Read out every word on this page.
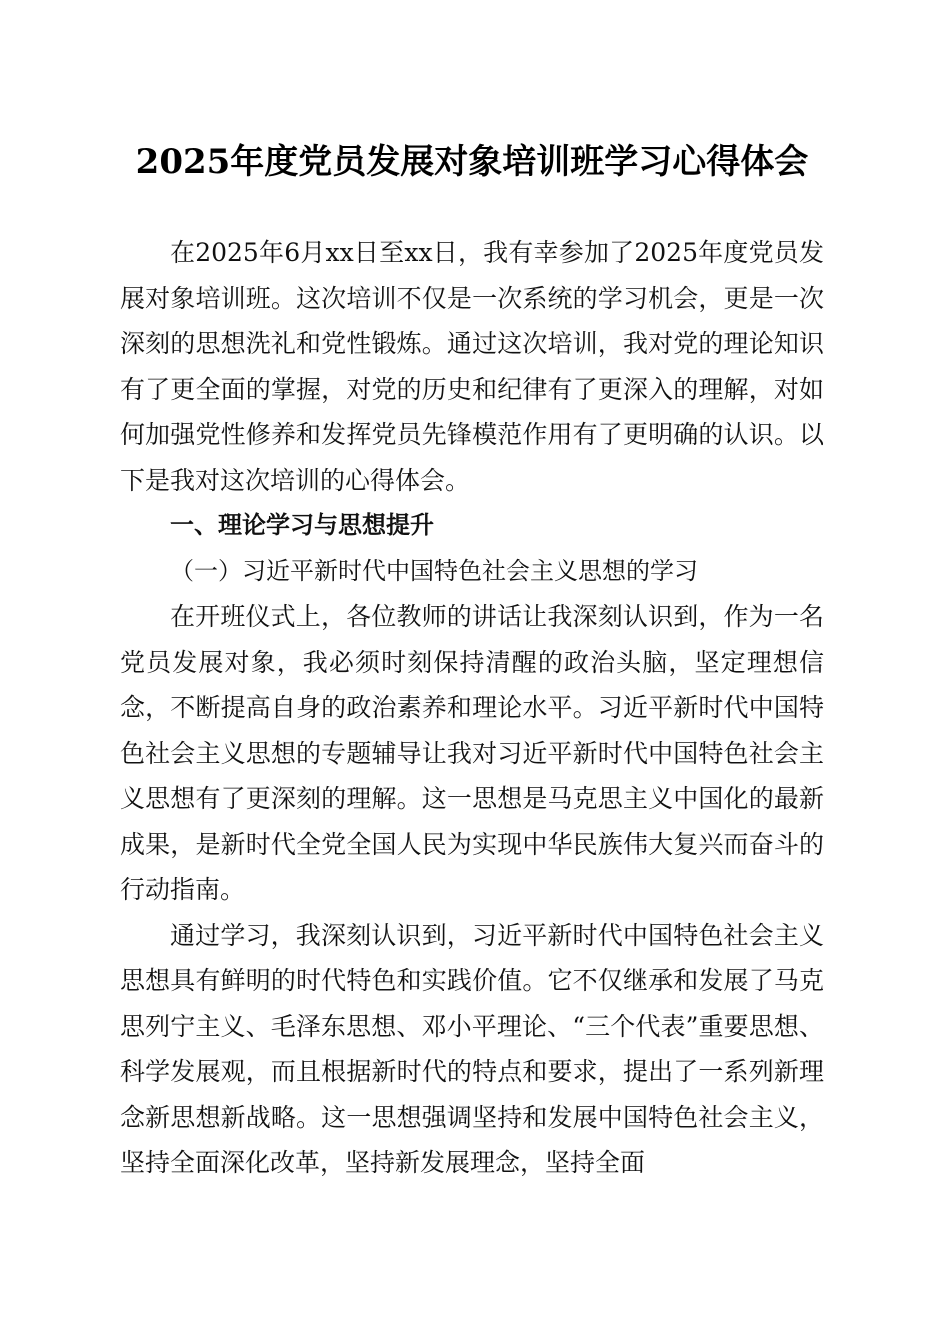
2025年度党员发展对象培训班学习心得体会

在2025年6月xx日至xx日，我有幸参加了2025年度党员发展对象培训班。这次培训不仅是一次系统的学习机会，更是一次深刻的思想洗礼和党性锻炼。通过这次培训，我对党的理论知识有了更全面的掌握，对党的历史和纪律有了更深入的理解，对如何加强党性修养和发挥党员先锋模范作用有了更明确的认识。以下是我对这次培训的心得体会。

一、理论学习与思想提升

（一）习近平新时代中国特色社会主义思想的学习

在开班仪式上，各位教师的讲话让我深刻认识到，作为一名党员发展对象，我必须时刻保持清醒的政治头脑，坚定理想信念，不断提高自身的政治素养和理论水平。习近平新时代中国特色社会主义思想的专题辅导让我对习近平新时代中国特色社会主义思想有了更深刻的理解。这一思想是马克思主义中国化的最新成果，是新时代全党全国人民为实现中华民族伟大复兴而奋斗的行动指南。

通过学习，我深刻认识到，习近平新时代中国特色社会主义思想具有鲜明的时代特色和实践价值。它不仅继承和发展了马克思列宁主义、毛泽东思想、邓小平理论、“三个代表”重要思想、科学发展观，而且根据新时代的特点和要求，提出了一系列新理念新思想新战略。这一思想强调坚持和发展中国特色社会主义，坚持全面深化改革，坚持新发展理念，坚持全面
